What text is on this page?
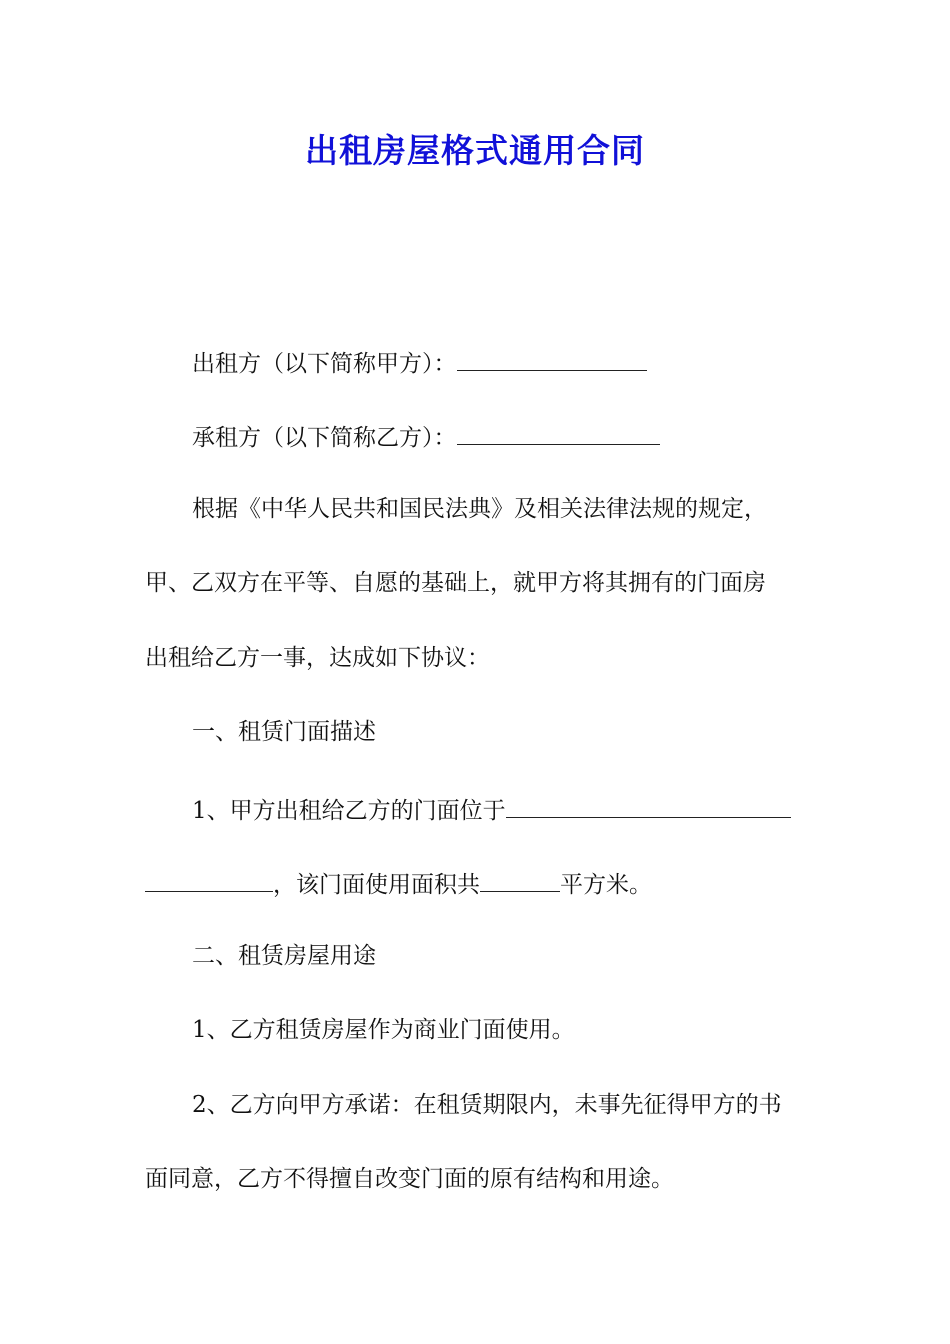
出租房屋格式通用合同
出租方（以下简称甲方）：
承租方（以下简称乙方）：
根据《中华人民共和国民法典》及相关法律法规的规定，
甲、乙双方在平等、自愿的基础上，就甲方将其拥有的门面房
出租给乙方一事，达成如下协议：
一、租赁门面描述
1、甲方出租给乙方的门面位于
，该门面使用面积共	平方米。
二、租赁房屋用途
1、乙方租赁房屋作为商业门面使用。
2、乙方向甲方承诺：在租赁期限内，未事先征得甲方的书
面同意，乙方不得擅自改变门面的原有结构和用途。
